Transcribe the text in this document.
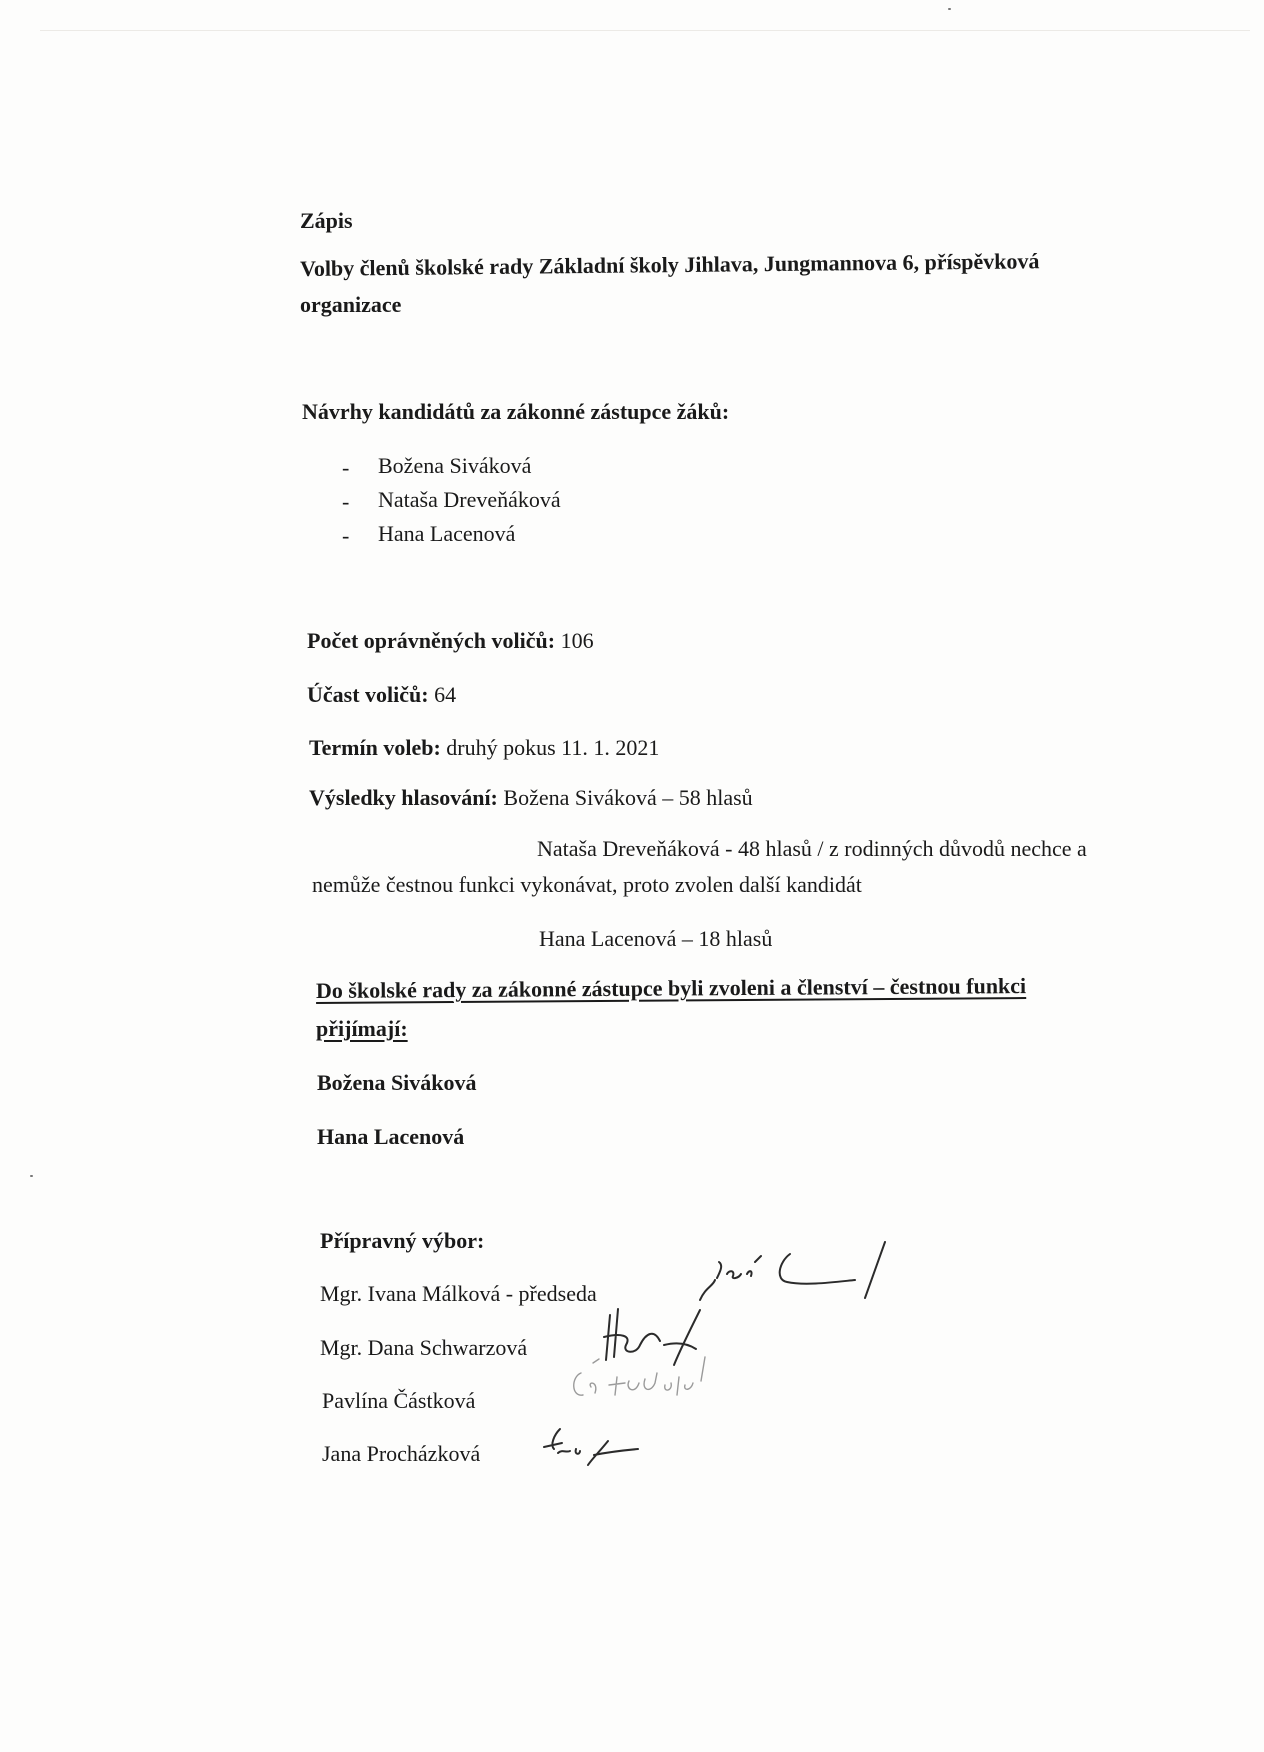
Zápis
Volby členů školské rady Základní školy Jihlava, Jungmannova 6, příspěvková
organizace
Návrhy kandidátů za zákonné zástupce žáků:
- Božena Siváková
- Nataša Dreveňáková
- Hana Lacenová
Počet oprávněných voličů: 106
Účast voličů: 64
Termín voleb: druhý pokus 11. 1. 2021
Výsledky hlasování: Božena Siváková – 58 hlasů
Nataša Dreveňáková - 48 hlasů / z rodinných důvodů nechce a
nemůže čestnou funkci vykonávat, proto zvolen další kandidát
Hana Lacenová – 18 hlasů
Do školské rady za zákonné zástupce byli zvoleni a členství – čestnou funkci
přijímají:
Božena Siváková
Hana Lacenová
Přípravný výbor:
Mgr. Ivana Málková - předseda
Mgr. Dana Schwarzová
Pavlína Částková
Jana Procházková
